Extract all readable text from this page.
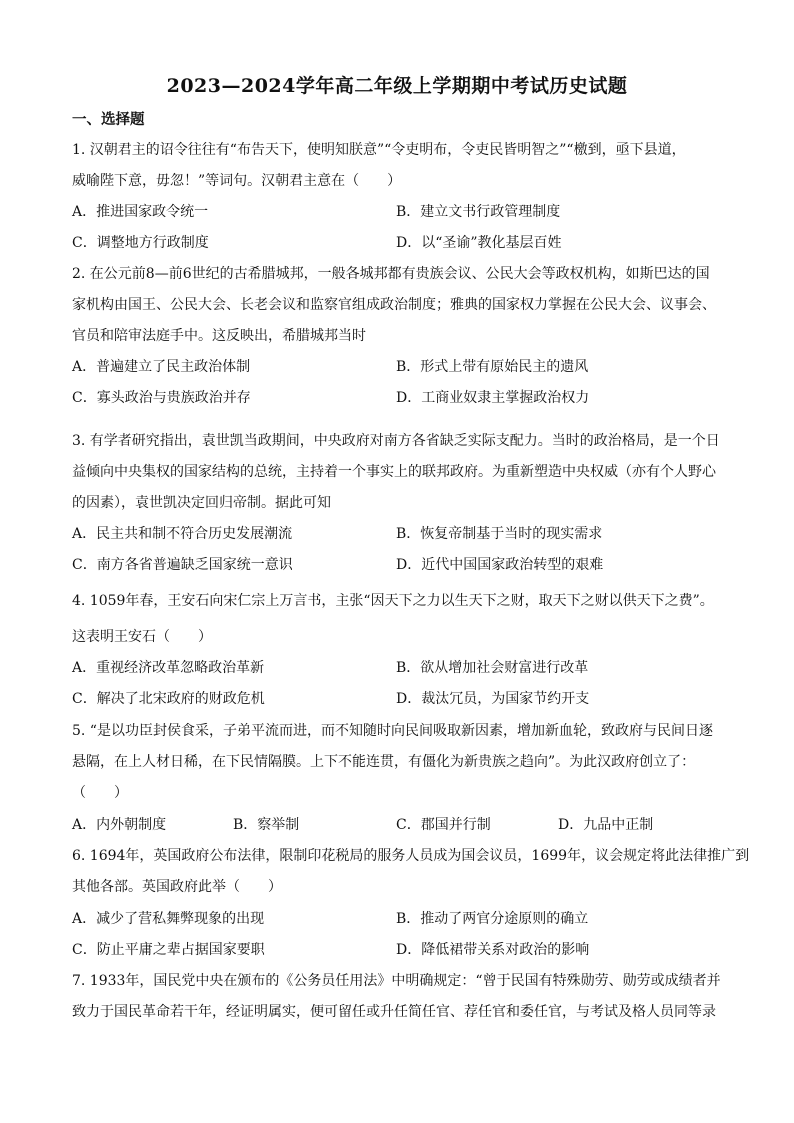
2023—2024学年高二年级上学期期中考试历史试题
一、选择题
1. 汉朝君主的诏令往往有“布告天下，使明知朕意”“令吏明布，令吏民皆明智之”“檄到，亟下县道，
威喻陛下意，毋忽！”等词句。汉朝君主意在（　　）
A．推进国家政令统一	B．建立文书行政管理制度
C．调整地方行政制度	D．以“圣谕”教化基层百姓
2. 在公元前8—前6世纪的古希腊城邦，一般各城邦都有贵族会议、公民大会等政权机构，如斯巴达的国
家机构由国王、公民大会、长老会议和监察官组成政治制度；雅典的国家权力掌握在公民大会、议事会、
官员和陪审法庭手中。这反映出，希腊城邦当时
A．普遍建立了民主政治体制	B．形式上带有原始民主的遗风
C．寡头政治与贵族政治并存	D．工商业奴隶主掌握政治权力
3. 有学者研究指出，袁世凯当政期间，中央政府对南方各省缺乏实际支配力。当时的政治格局，是一个日
益倾向中央集权的国家结构的总统，主持着一个事实上的联邦政府。为重新塑造中央权威（亦有个人野心
的因素），袁世凯决定回归帝制。据此可知
A．民主共和制不符合历史发展潮流	B．恢复帝制基于当时的现实需求
C．南方各省普遍缺乏国家统一意识	D．近代中国国家政治转型的艰难
4. 1059年春，王安石向宋仁宗上万言书，主张“因天下之力以生天下之财，取天下之财以供天下之费”。
这表明王安石（　　）
A．重视经济改革忽略政治革新	B．欲从增加社会财富进行改革
C．解决了北宋政府的财政危机	D．裁汰冗员，为国家节约开支
5. “是以功臣封侯食采，子弟平流而进，而不知随时向民间吸取新因素，增加新血轮，致政府与民间日逐
悬隔，在上人材日稀，在下民情隔膜。上下不能连贯，有僵化为新贵族之趋向”。为此汉政府创立了：
（　　）
A．内外朝制度	B．察举制	C．郡国并行制	D．九品中正制
6. 1694年，英国政府公布法律，限制印花税局的服务人员成为国会议员，1699年，议会规定将此法律推广到
其他各部。英国政府此举（　　）
A．减少了营私舞弊现象的出现	B．推动了两官分途原则的确立
C．防止平庸之辈占据国家要职	D．降低裙带关系对政治的影响
7. 1933年，国民党中央在颁布的《公务员任用法》中明确规定：“曾于民国有特殊勋劳、勋劳或成绩者并
致力于国民革命若干年，经证明属实，便可留任或升任简任官、荐任官和委任官，与考试及格人员同等录
